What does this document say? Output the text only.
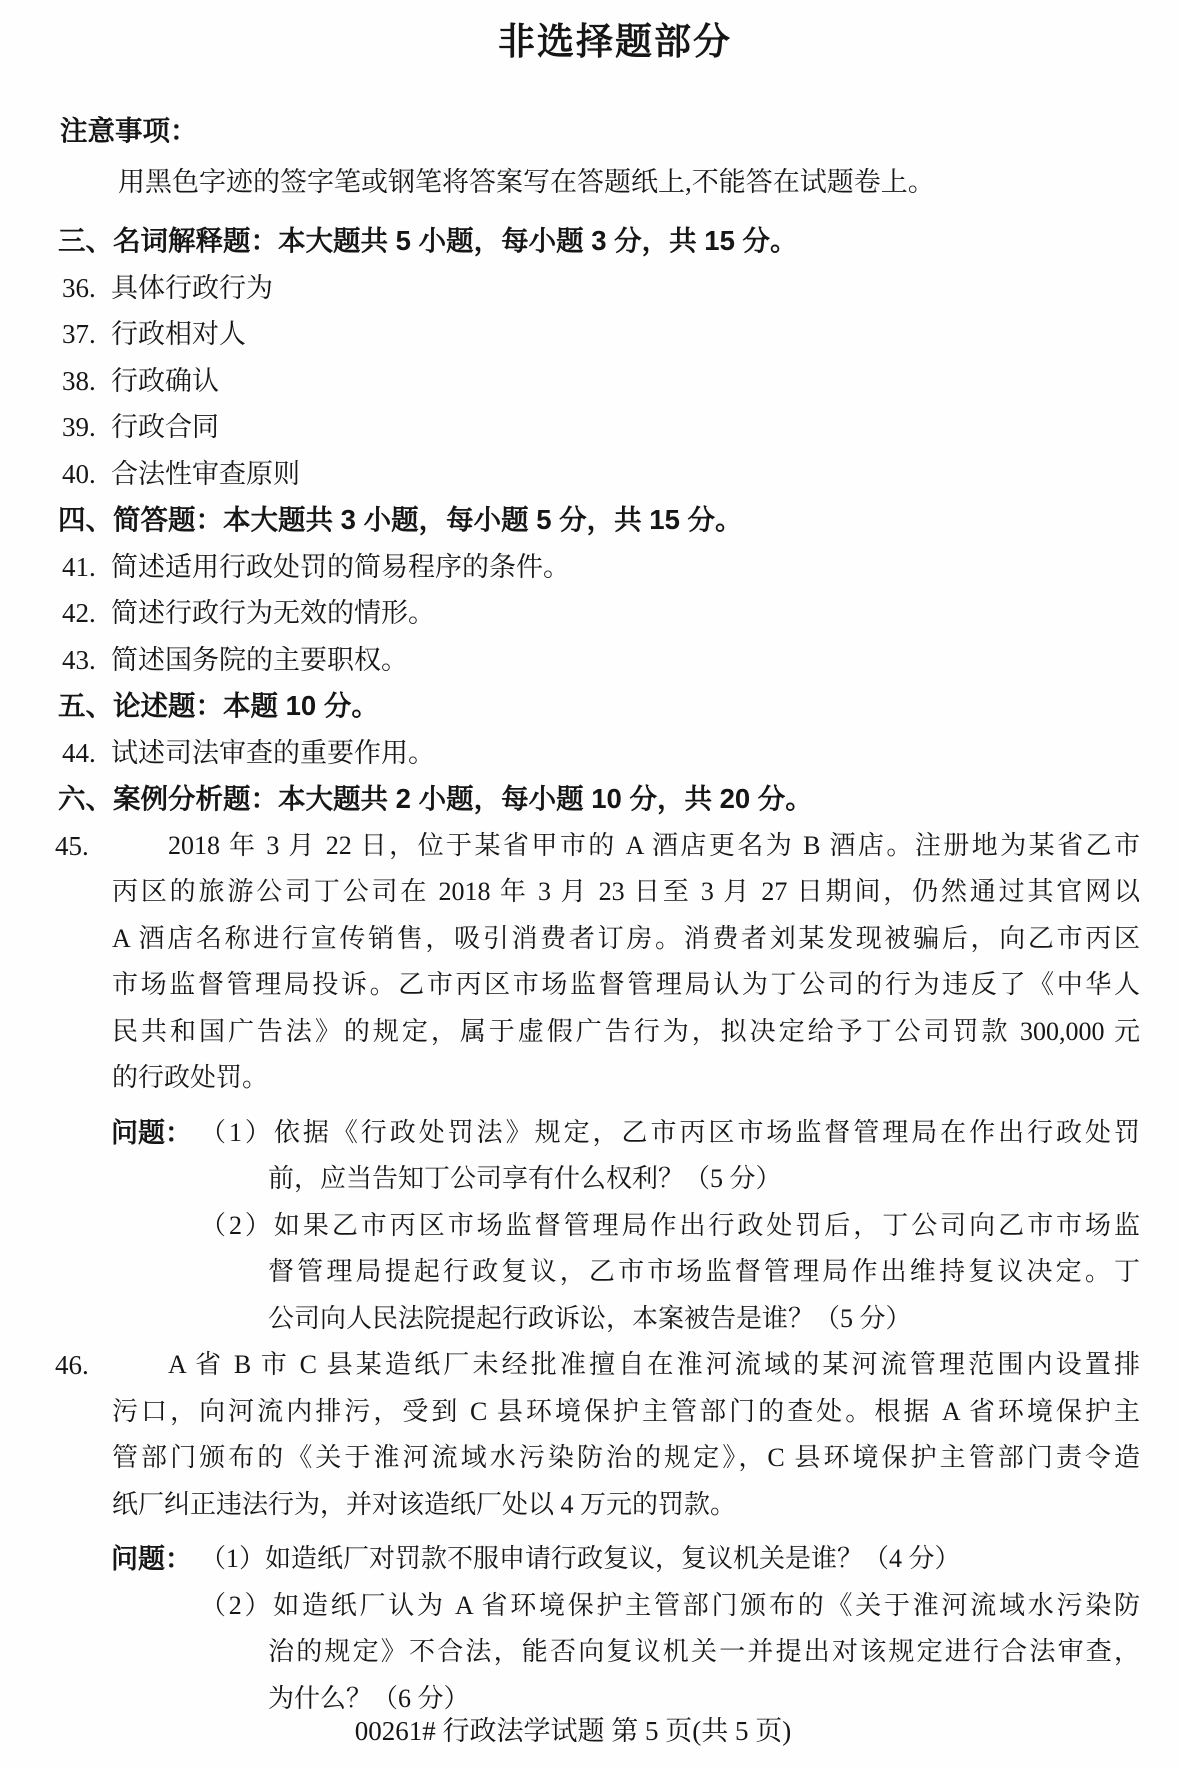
非选择题部分
注意事项：
用黑色字迹的签字笔或钢笔将答案写在答题纸上,不能答在试题卷上。
三、名词解释题：本大题共 5 小题，每小题 3 分，共 15 分。
36. 具体行政行为
37. 行政相对人
38. 行政确认
39. 行政合同
40. 合法性审查原则
四、简答题：本大题共 3 小题，每小题 5 分，共 15 分。
41. 简述适用行政处罚的简易程序的条件。
42. 简述行政行为无效的情形。
43. 简述国务院的主要职权。
五、论述题：本题 10 分。
44. 试述司法审查的重要作用。
六、案例分析题：本大题共 2 小题，每小题 10 分，共 20 分。
45.	2018 年 3 月 22 日，位于某省甲市的 A 酒店更名为 B 酒店。注册地为某省乙市
丙区的旅游公司丁公司在 2018 年 3 月 23 日至 3 月 27 日期间，仍然通过其官网以
A 酒店名称进行宣传销售，吸引消费者订房。消费者刘某发现被骗后，向乙市丙区
市场监督管理局投诉。乙市丙区市场监督管理局认为丁公司的行为违反了《中华人
民共和国广告法》的规定，属于虚假广告行为，拟决定给予丁公司罚款 300,000 元
的行政处罚。
问题： （1）依据《行政处罚法》规定，乙市丙区市场监督管理局在作出行政处罚
前，应当告知丁公司享有什么权利？（5 分）
（2）如果乙市丙区市场监督管理局作出行政处罚后，丁公司向乙市市场监
督管理局提起行政复议，乙市市场监督管理局作出维持复议决定。丁
公司向人民法院提起行政诉讼，本案被告是谁？（5 分）
46.	A 省 B 市 C 县某造纸厂未经批准擅自在淮河流域的某河流管理范围内设置排
污口，向河流内排污，受到 C 县环境保护主管部门的查处。根据 A 省环境保护主
管部门颁布的《关于淮河流域水污染防治的规定》，C 县环境保护主管部门责令造
纸厂纠正违法行为，并对该造纸厂处以 4 万元的罚款。
问题： （1）如造纸厂对罚款不服申请行政复议，复议机关是谁？（4 分）
（2）如造纸厂认为 A 省环境保护主管部门颁布的《关于淮河流域水污染防
治的规定》不合法，能否向复议机关一并提出对该规定进行合法审查，
为什么？（6 分）
00261# 行政法学试题 第 5 页(共 5 页)
